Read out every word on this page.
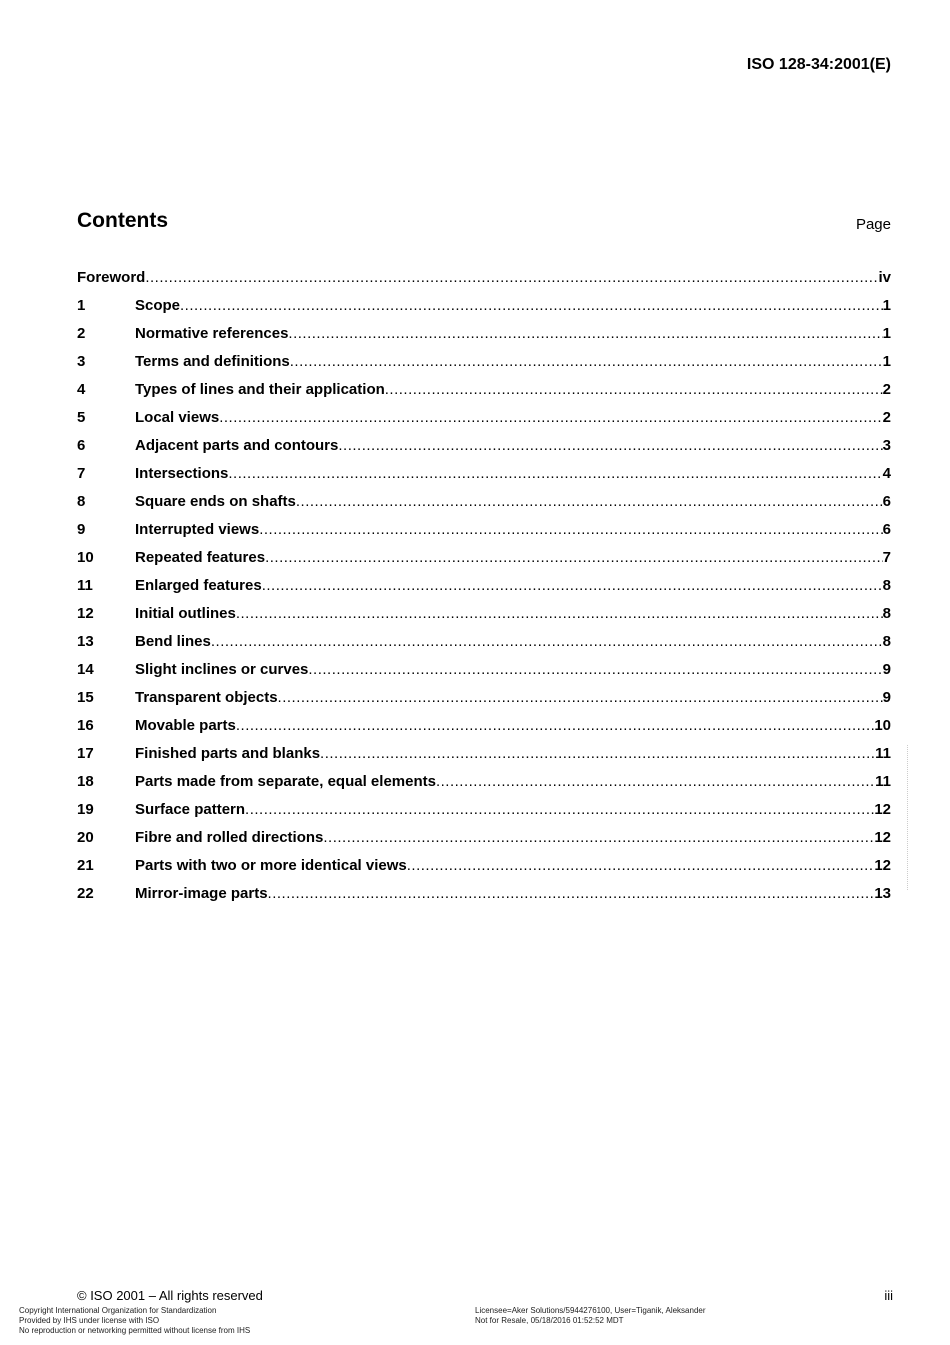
ISO 128-34:2001(E)
Contents	Page
Foreword .....	iv
1	Scope .....	1
2	Normative references .....	1
3	Terms and definitions .....	1
4	Types of lines and their application .....	2
5	Local views .....	2
6	Adjacent parts and contours .....	3
7	Intersections .....	4
8	Square ends on shafts .....	6
9	Interrupted views .....	6
10	Repeated features .....	7
11	Enlarged features .....	8
12	Initial outlines .....	8
13	Bend lines .....	8
14	Slight inclines or curves .....	9
15	Transparent objects .....	9
16	Movable parts .....	10
17	Finished parts and blanks .....	11
18	Parts made from separate, equal elements .....	11
19	Surface pattern .....	12
20	Fibre and rolled directions .....	12
21	Parts with two or more identical views .....	12
22	Mirror-image parts .....	13
© ISO 2001 – All rights reserved	iii
Copyright International Organization for Standardization
Provided by IHS under license with ISO
No reproduction or networking permitted without license from IHS
Licensee=Aker Solutions/5944276100, User=Tiganik, Aleksander
Not for Resale, 05/18/2016 01:52:52 MDT
